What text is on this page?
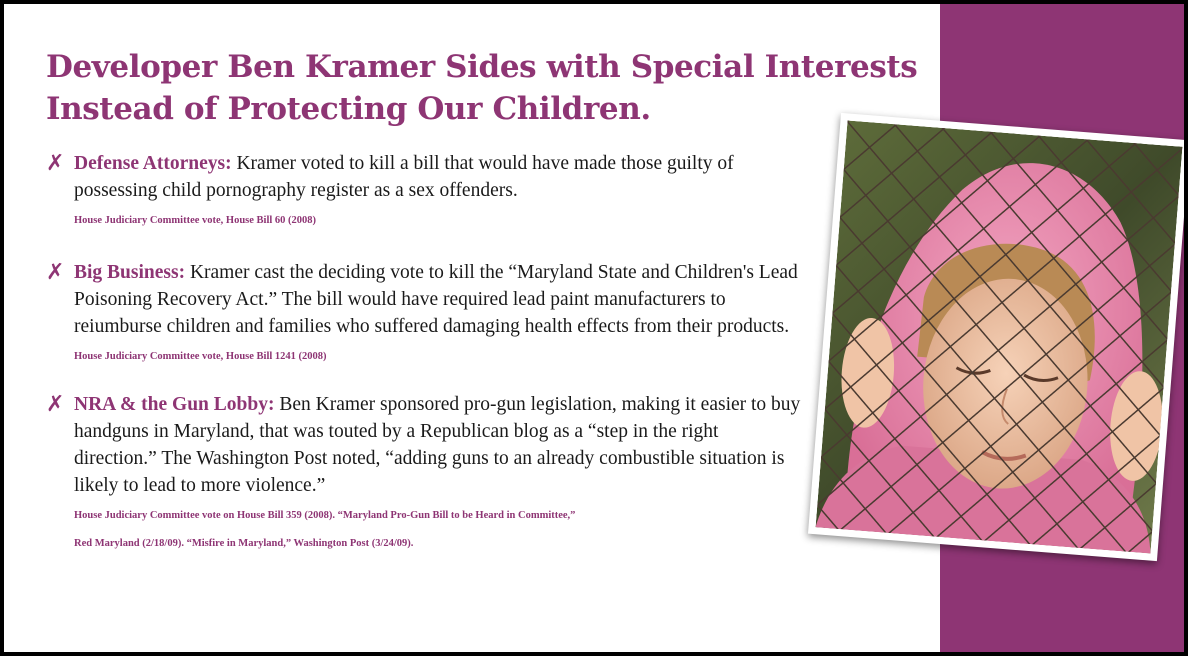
Developer Ben Kramer Sides with Special Interests
Instead of Protecting Our Children.
✗ Defense Attorneys: Kramer voted to kill a bill that would have made those guilty of possessing child pornography register as a sex offenders.

House Judiciary Committee vote, House Bill 60 (2008)

✗ Big Business: Kramer cast the deciding vote to kill the “Maryland State and Children's Lead Poisoning Recovery Act.” The bill would have required lead paint manufacturers to reiumburse children and families who suffered damaging health effects from their products.

House Judiciary Committee vote, House Bill 1241 (2008)

✗ NRA & the Gun Lobby: Ben Kramer sponsored pro-gun legislation, making it easier to buy handguns in Maryland, that was touted by a Republican blog as a “step in the right direction.” The Washington Post noted, “adding guns to an already combustible situation is likely to lead to more violence.”

House Judiciary Committee vote on House Bill 359 (2008). “Maryland Pro-Gun Bill to be Heard in Committee,”

Red Maryland (2/18/09). “Misfire in Maryland,” Washington Post (3/24/09).
